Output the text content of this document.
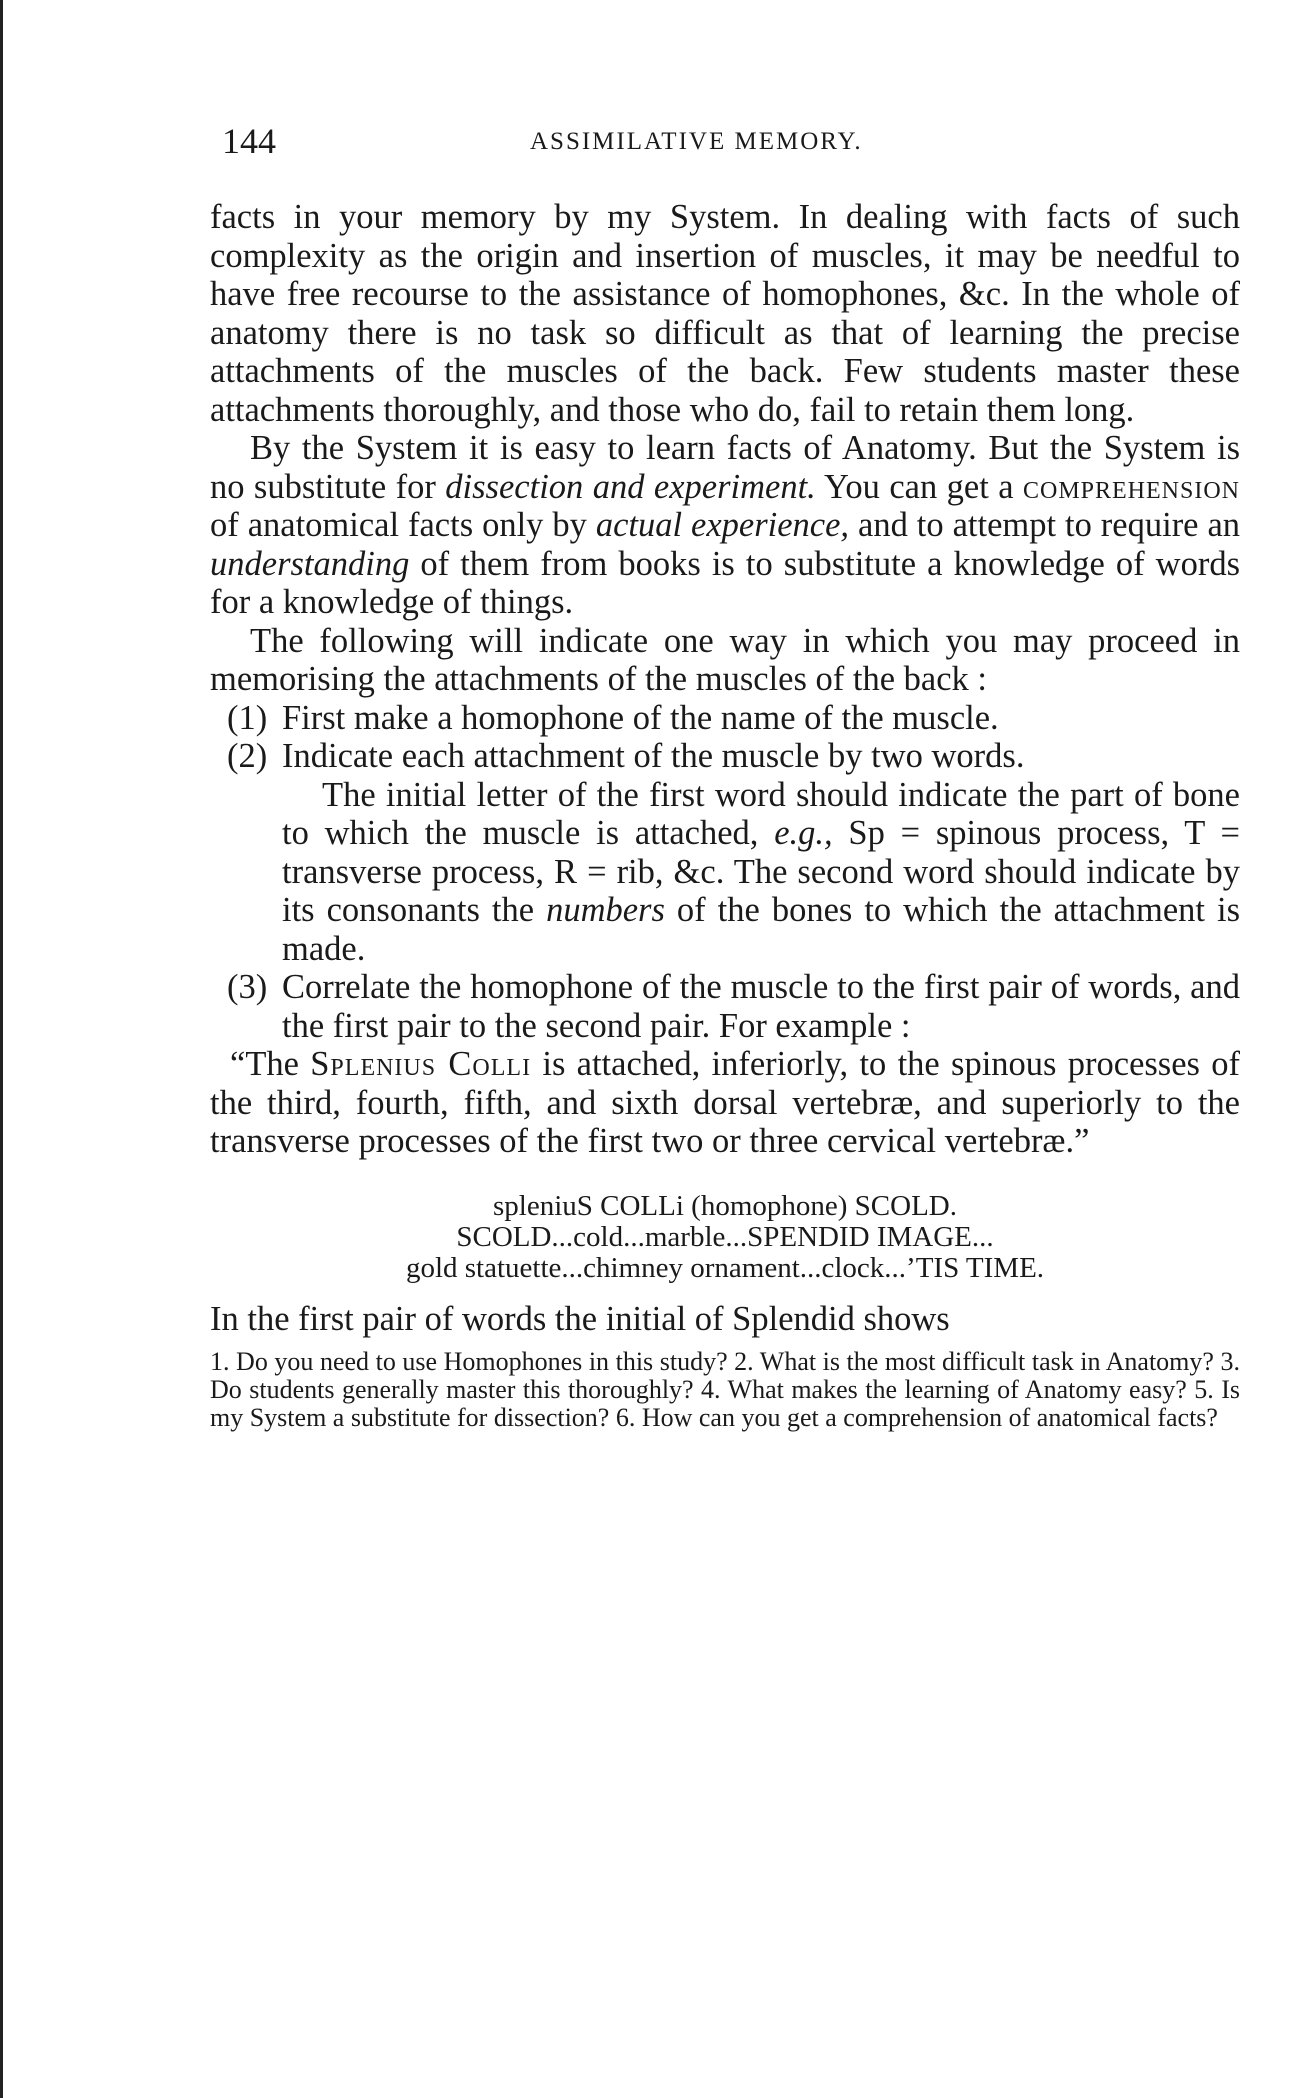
144	ASSIMILATIVE MEMORY.

facts in your memory by my System. In dealing with facts of such complexity as the origin and insertion of muscles, it may be needful to have free recourse to the assistance of homophones, &c. In the whole of anatomy there is no task so difficult as that of learning the precise attachments of the muscles of the back. Few students master these attachments thoroughly, and those who do, fail to retain them long.

By the System it is easy to learn facts of Anatomy. But the System is no substitute for dissection and experiment. You can get a comprehension of anatomical facts only by actual experience, and to attempt to require an understanding of them from books is to substitute a knowledge of words for a knowledge of things.

The following will indicate one way in which you may proceed in memorising the attachments of the muscles of the back :

(1) First make a homophone of the name of the muscle.

(2) Indicate each attachment of the muscle by two words.

The initial letter of the first word should indicate the part of bone to which the muscle is attached, e.g., Sp = spinous process, T = transverse process, R = rib, &c. The second word should indicate by its consonants the numbers of the bones to which the attachment is made.

(3) Correlate the homophone of the muscle to the first pair of words, and the first pair to the second pair. For example :

“The Splenius Colli is attached, inferiorly, to the spinous processes of the third, fourth, fifth, and sixth dorsal vertebræ, and superiorly to the transverse processes of the first two or three cervical vertebræ.”

spleniuS COLLi (homophone) SCOLD.
SCOLD...cold...marble...SPENDID IMAGE...
gold statuette...chimney ornament...clock...’TIS TIME.

In the first pair of words the initial of Splendid shows

1. Do you need to use Homophones in this study? 2. What is the most difficult task in Anatomy? 3. Do students generally master this thoroughly? 4. What makes the learning of Anatomy easy? 5. Is my System a substitute for dissection? 6. How can you get a comprehension of anatomical facts?
